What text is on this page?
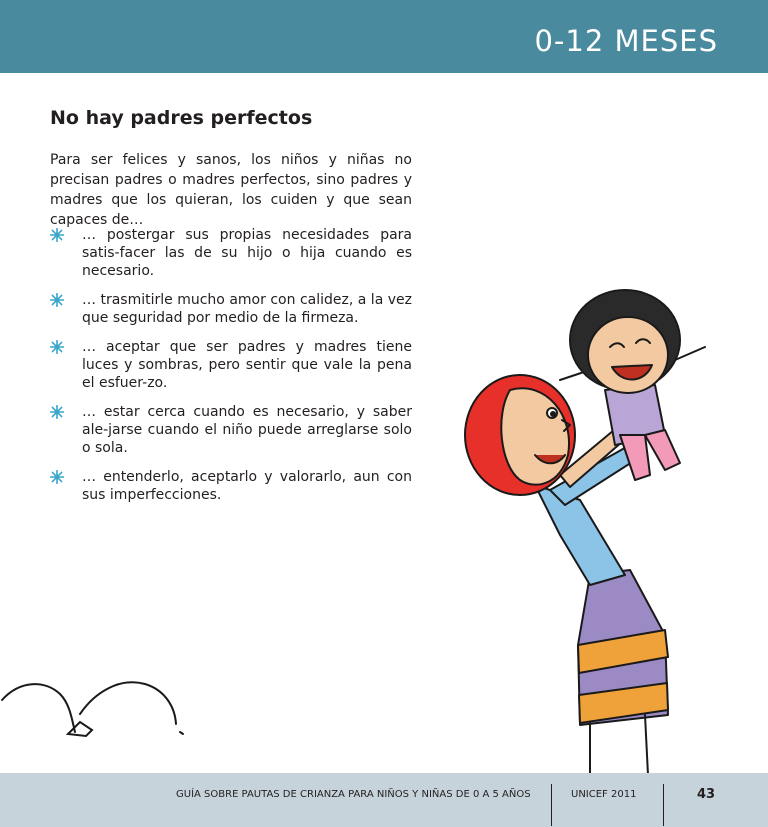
0-12 MESES
No hay padres perfectos

Para ser felices y sanos, los niños y niñas no precisan padres o madres perfectos, sino padres y madres que los quieran, los cuiden y que sean capaces de…

… postergar sus propias necesidades para satis-facer las de su hijo o hija cuando es necesario.
… trasmitirle mucho amor con calidez, a la vez que seguridad por medio de la firmeza.
… aceptar que ser padres y madres tiene luces y sombras, pero sentir que vale la pena el esfuer-zo.
… estar cerca cuando es necesario, y saber ale-jarse cuando el niño puede arreglarse solo o sola.
… entenderlo, aceptarlo y valorarlo, aun con sus imperfecciones.
GUÍA SOBRE PAUTAS DE CRIANZA PARA NIÑOS Y NIÑAS DE 0 A 5 AÑOS	UNICEF 2011	43
